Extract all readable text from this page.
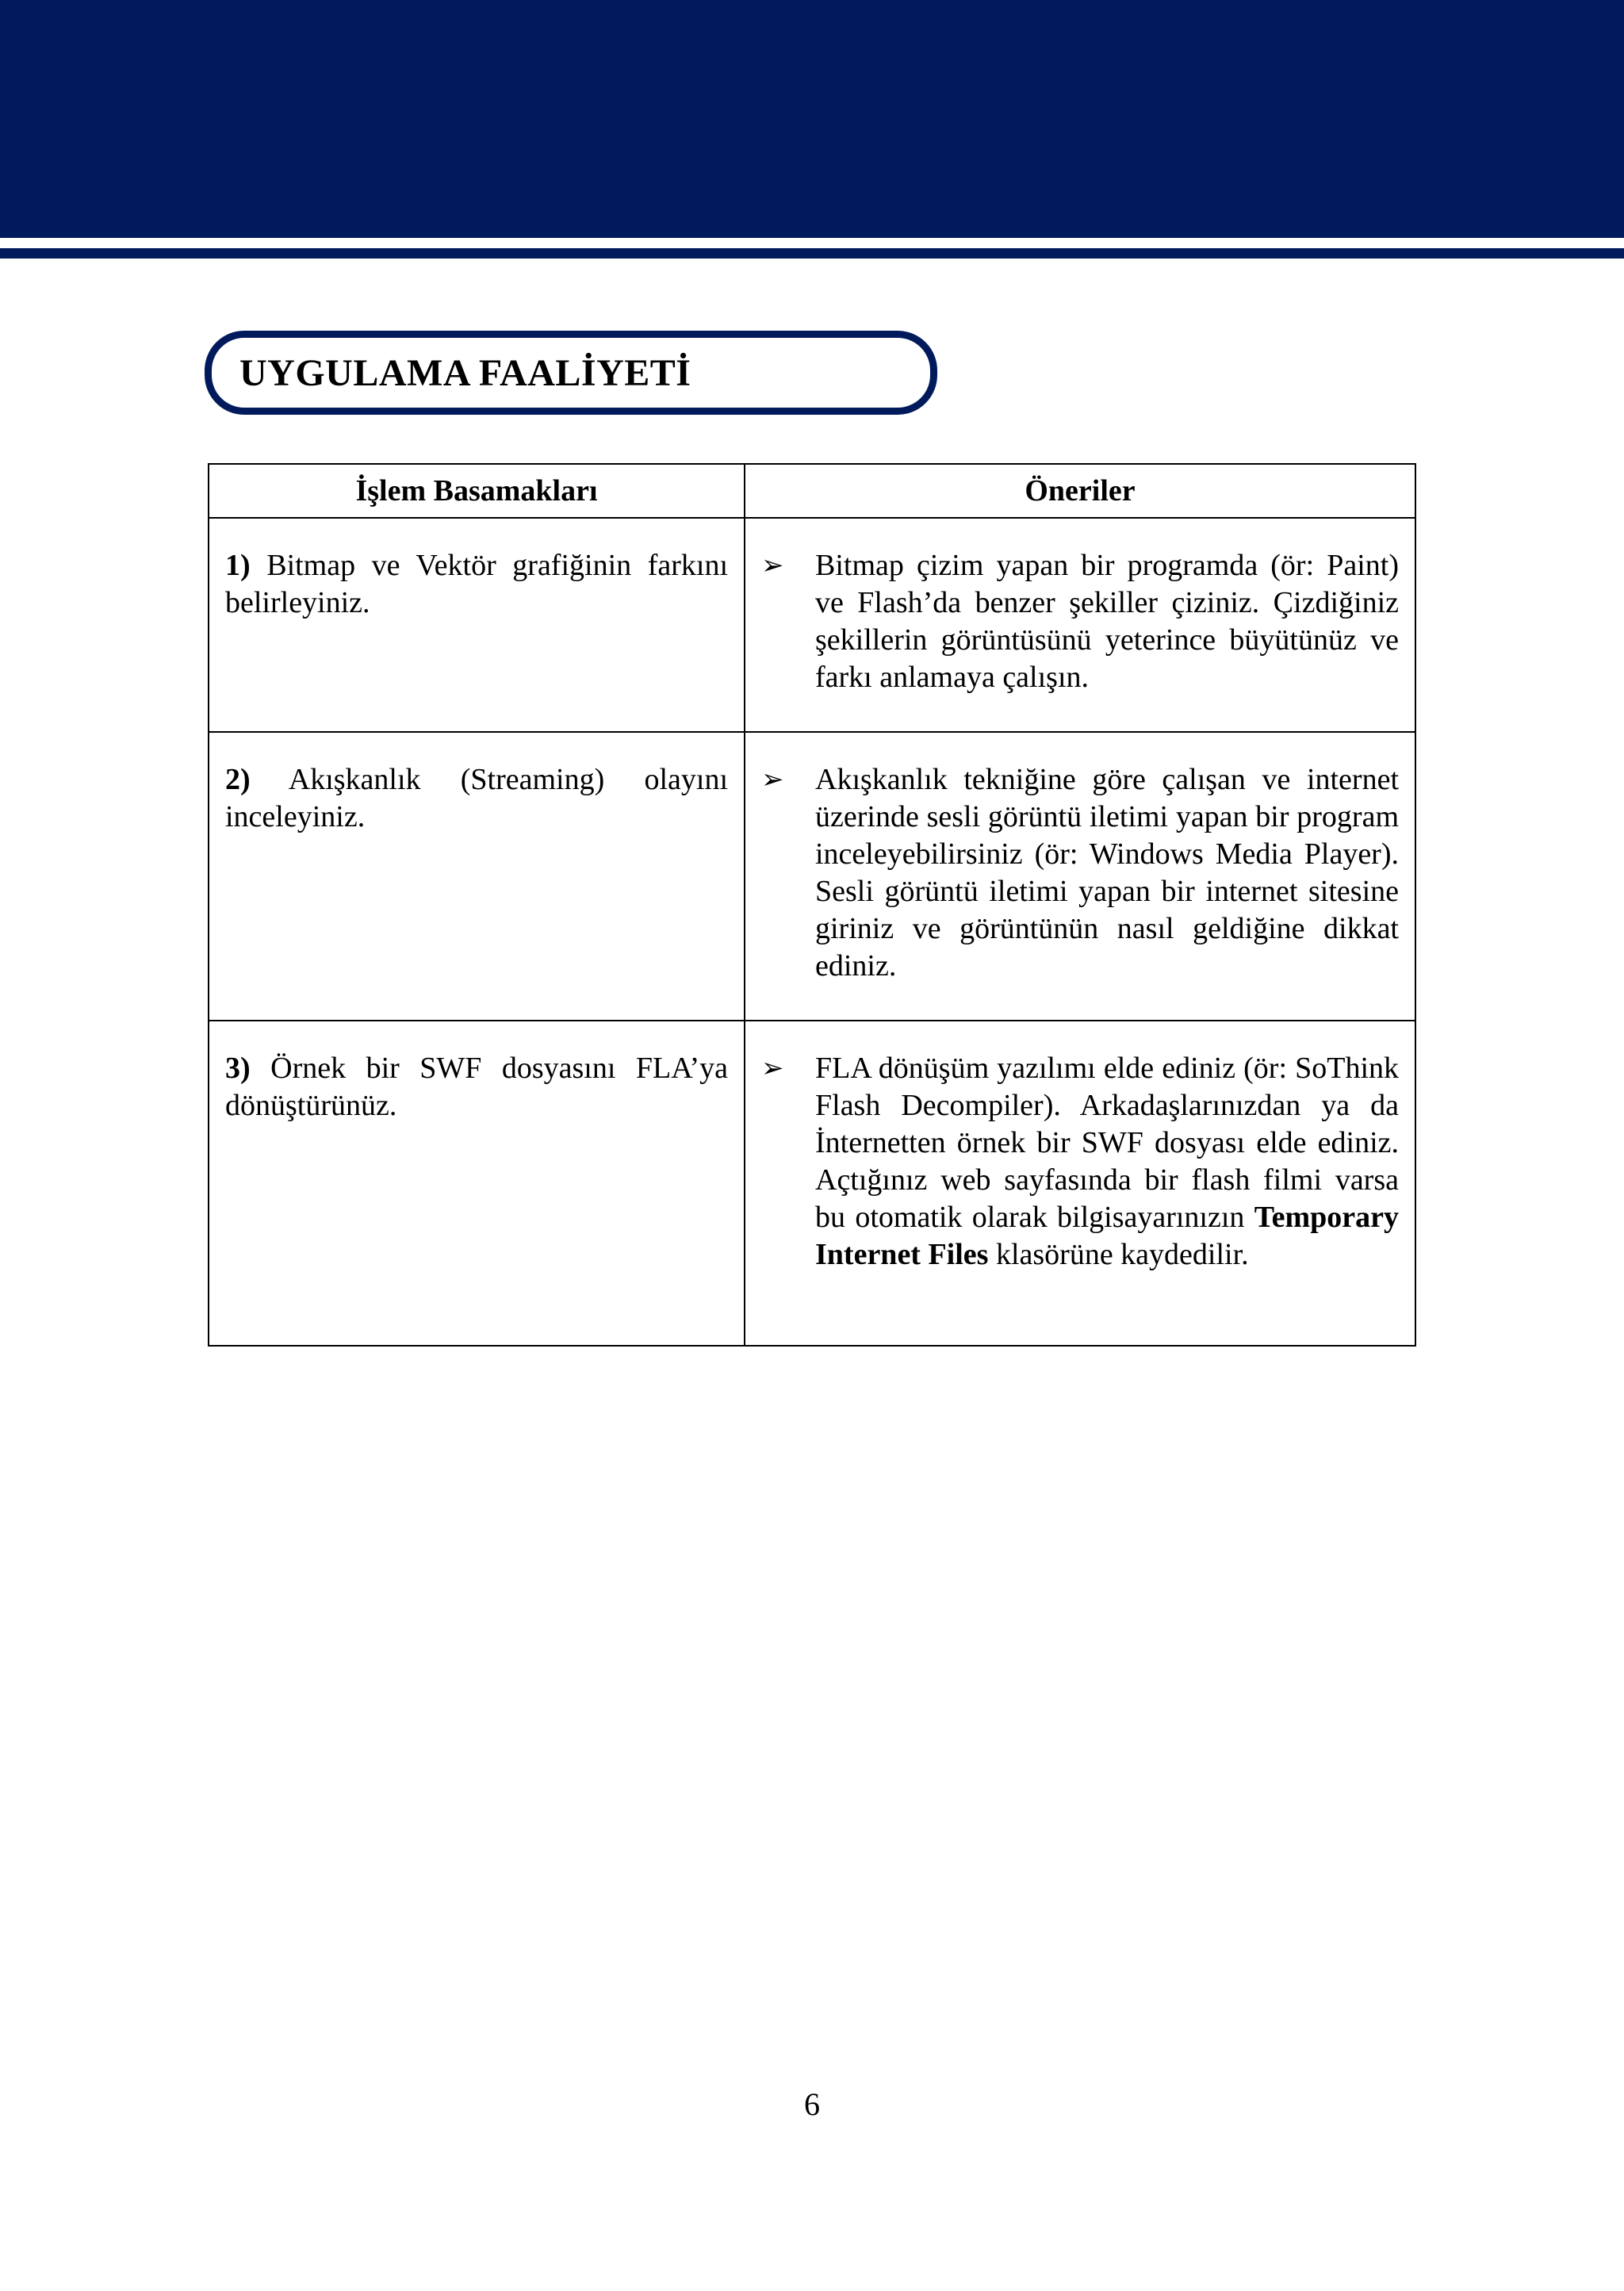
UYGULAMA FAALİYETİ
İşlem Basamakları	Öneriler
1) Bitmap ve Vektör grafiğinin farkını belirleyiniz.	➢ Bitmap çizim yapan bir programda (ör: Paint) ve Flash’da benzer şekiller çiziniz. Çizdiğiniz şekillerin görüntüsünü yeterince büyütünüz ve farkı anlamaya çalışın.

2) Akışkanlık (Streaming) olayını inceleyiniz.	➢ Akışkanlık tekniğine göre çalışan ve internet üzerinde sesli görüntü iletimi yapan bir program inceleyebilirsiniz (ör: Windows Media Player). Sesli görüntü iletimi yapan bir internet sitesine giriniz ve görüntünün nasıl geldiğine dikkat ediniz.

3) Örnek bir SWF dosyasını FLA’ya dönüştürünüz.	➢ FLA dönüşüm yazılımı elde ediniz (ör: SoThink Flash Decompiler). Arkadaşlarınızdan ya da İnternetten örnek bir SWF dosyası elde ediniz. Açtığınız web sayfasında bir flash filmi varsa bu otomatik olarak bilgisayarınızın Temporary Internet Files klasörüne kaydedilir.
6
